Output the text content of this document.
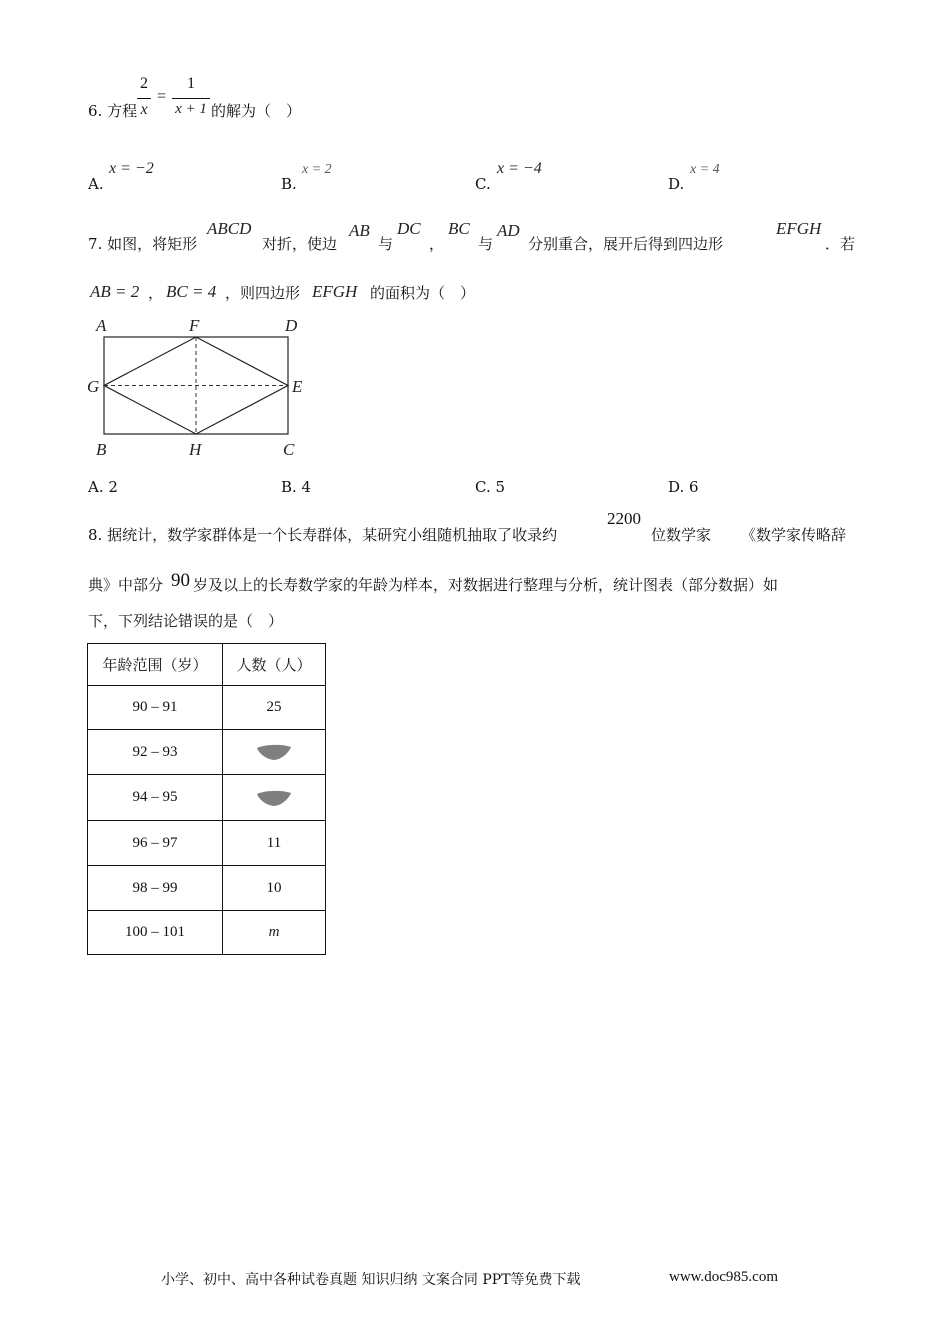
6. 方程
2
x
=
1
x + 1 的解为（　）
A.
x = −2
B.
x = 2
C.
x = −4
D.
x = 4
7. 如图，将矩形
ABCD
对折，使边
AB
与
DC
，
BC
与
AD
分别重合，展开后得到四边形
EFGH
．若
AB = 2 ， BC = 4 ，则四边形 EFGH 的面积为（　）
A	F	D
G	E
B	H	C
A. 2	B. 4	C. 5	D. 6
8. 据统计，数学家群体是一个长寿群体，某研究小组随机抽取了收录约
2200
位数学家 《数学家传略辞
典》中部分 90 岁及以上的长寿数学家的年龄为样本，对数据进行整理与分析，统计图表（部分数据）如
下，下列结论错误的是（　）
年龄范围（岁）	人数（人）
90 – 91	25
92 – 93	
94 – 95	
96 – 97	11
98 – 99	10
100 – 101	m
小学、初中、高中各种试卷真题 知识归纳 文案合同 PPT等免费下载	www.doc985.com
